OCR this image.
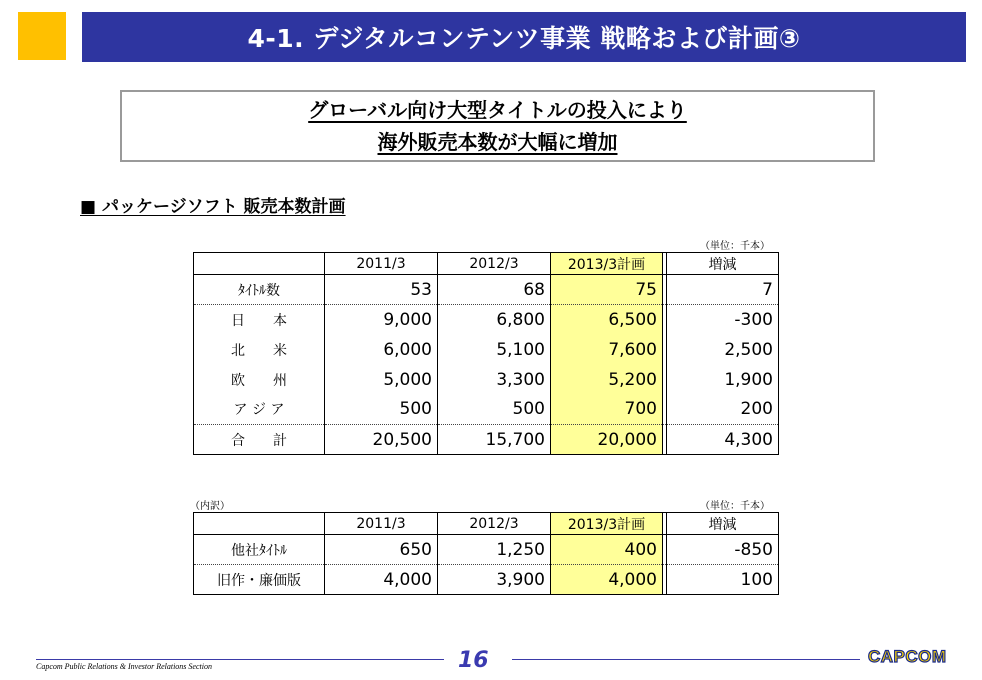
4-1. デジタルコンテンツ事業 戦略および計画③
グローバル向け大型タイトルの投入により
海外販売本数が大幅に増加
■ パッケージソフト 販売本数計画
（単位：千本）
	2011/3	2012/3	2013/3計画		増減
ﾀｲﾄﾙ数	53	68	75		7
日　　本	9,000	6,800	6,500		-300
北　　米	6,000	5,100	7,600		2,500
欧　　州	5,000	3,300	5,200		1,900
ア ジ ア	500	500	700		200
合　　計	20,500	15,700	20,000		4,300
（内訳）	（単位：千本）
	2011/3	2012/3	2013/3計画		増減
他社ﾀｲﾄﾙ	650	1,250	400		-850
旧作・廉価版	4,000	3,900	4,000		100
Capcom Public Relations & Investor Relations Section	16	CAPCOM
